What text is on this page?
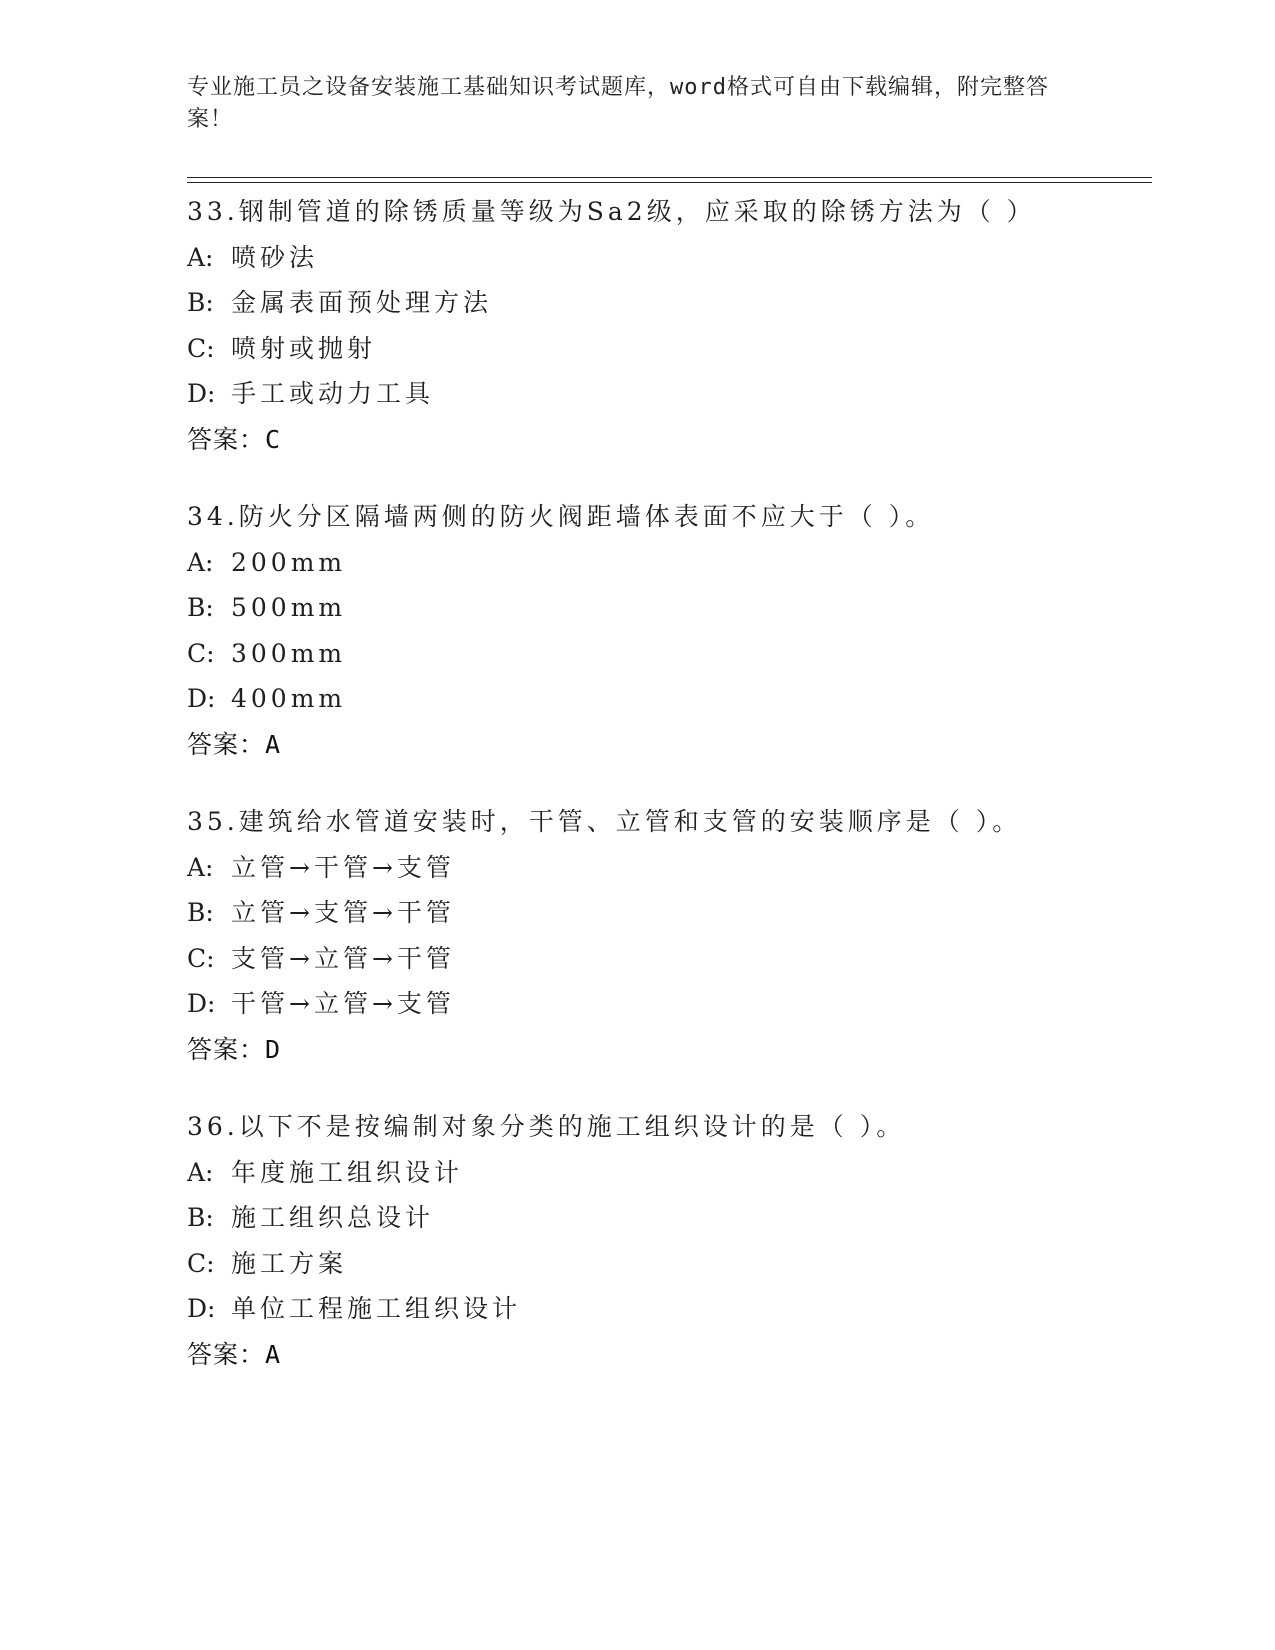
专业施工员之设备安装施工基础知识考试题库，word格式可自由下载编辑，附完整答案！
33.钢制管道的除锈质量等级为Sa2级，应采取的除锈方法为（ ）
A: 喷砂法
B: 金属表面预处理方法
C: 喷射或抛射
D: 手工或动力工具
答案：C
34.防火分区隔墙两侧的防火阀距墙体表面不应大于（ ）。
A: 200mm
B: 500mm
C: 300mm
D: 400mm
答案：A
35.建筑给水管道安装时，干管、立管和支管的安装顺序是（ ）。
A: 立管→干管→支管
B: 立管→支管→干管
C: 支管→立管→干管
D: 干管→立管→支管
答案：D
36.以下不是按编制对象分类的施工组织设计的是（ ）。
A: 年度施工组织设计
B: 施工组织总设计
C: 施工方案
D: 单位工程施工组织设计
答案：A
